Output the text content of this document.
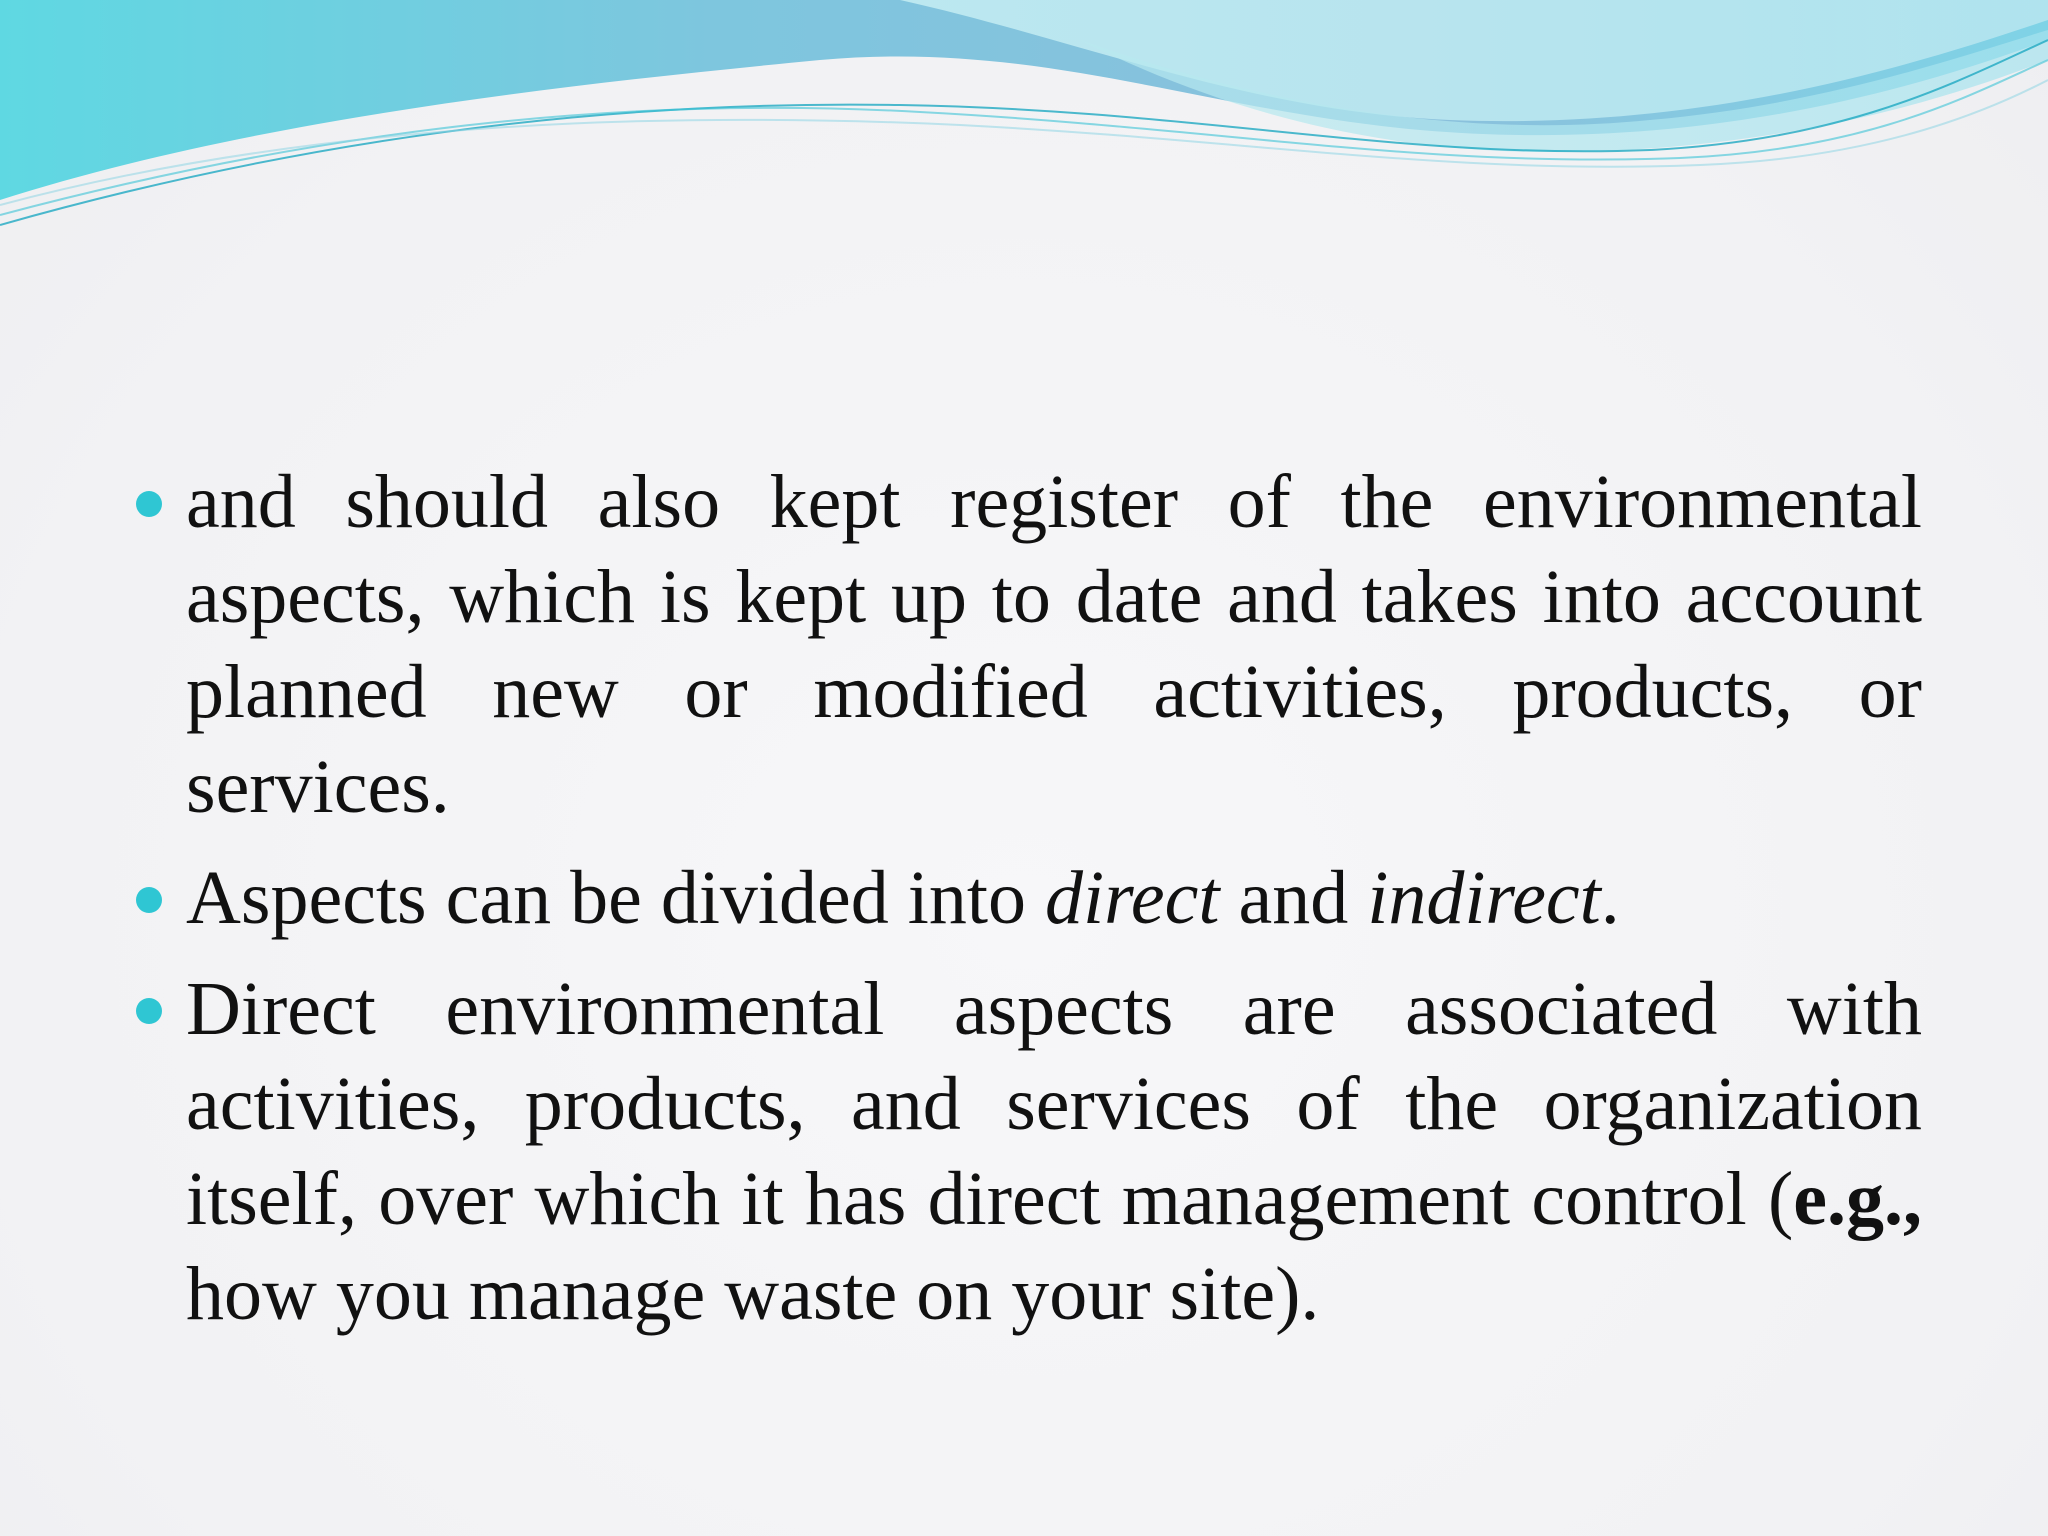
and should also kept register of the environmental aspects, which is kept up to date and takes into account planned new or modified activities, products, or services.
Aspects can be divided into direct and indirect.
Direct environmental aspects are associated with activities, products, and services of the organization itself, over which it has direct management control (e.g., how you manage waste on your site).
